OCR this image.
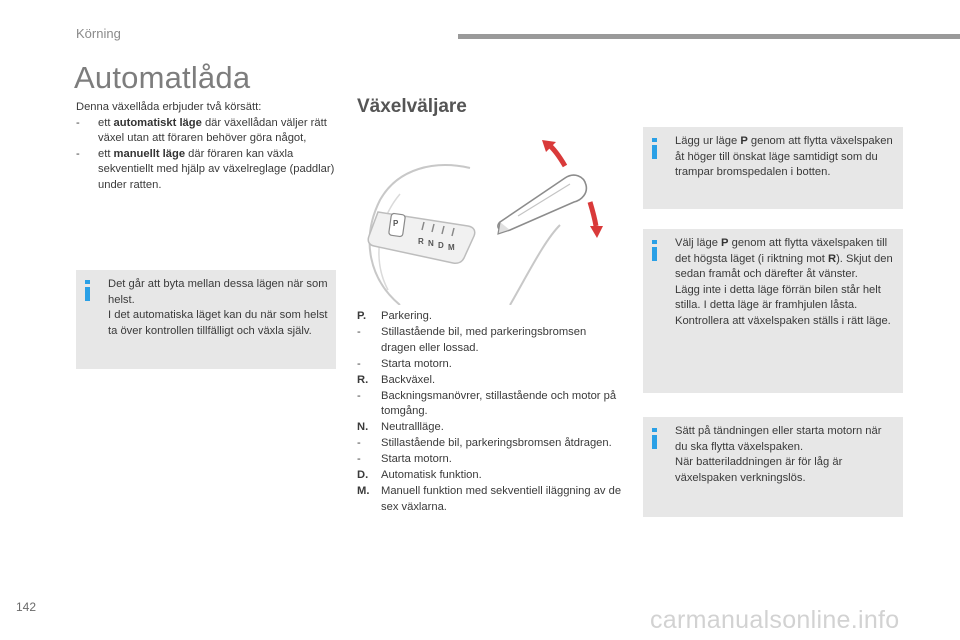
Körning
Automatlåda
Denna växellåda erbjuder två körsätt:
- ett automatiskt läge där växellådan väljer rätt växel utan att föraren behöver göra något,
- ett manuellt läge där föraren kan växla sekventiellt med hjälp av växelreglage (paddlar) under ratten.
Det går att byta mellan dessa lägen när som helst.
I det automatiska läget kan du när som helst ta över kontrollen tillfälligt och växla själv.
Växelväljare
P
R N D M
P. Parkering.
- Stillastående bil, med parkeringsbromsen dragen eller lossad.
- Starta motorn.
R. Backväxel.
- Backningsmanövrer, stillastående och motor på tomgång.
N. Neutrallläge.
- Stillastående bil, parkeringsbromsen åtdragen.
- Starta motorn.
D. Automatisk funktion.
M. Manuell funktion med sekventiell iläggning av de sex växlarna.
Lägg ur läge P genom att flytta växelspaken åt höger till önskat läge samtidigt som du trampar bromspedalen i botten.
Välj läge P genom att flytta växelspaken till det högsta läget (i riktning mot R). Skjut den sedan framåt och därefter åt vänster.
Lägg inte i detta läge förrän bilen står helt stilla. I detta läge är framhjulen låsta. Kontrollera att växelspaken ställs i rätt läge.
Sätt på tändningen eller starta motorn när du ska flytta växelspaken.
När batteriladdningen är för låg är växelspaken verkningslös.
142	carmanualsonline.info
